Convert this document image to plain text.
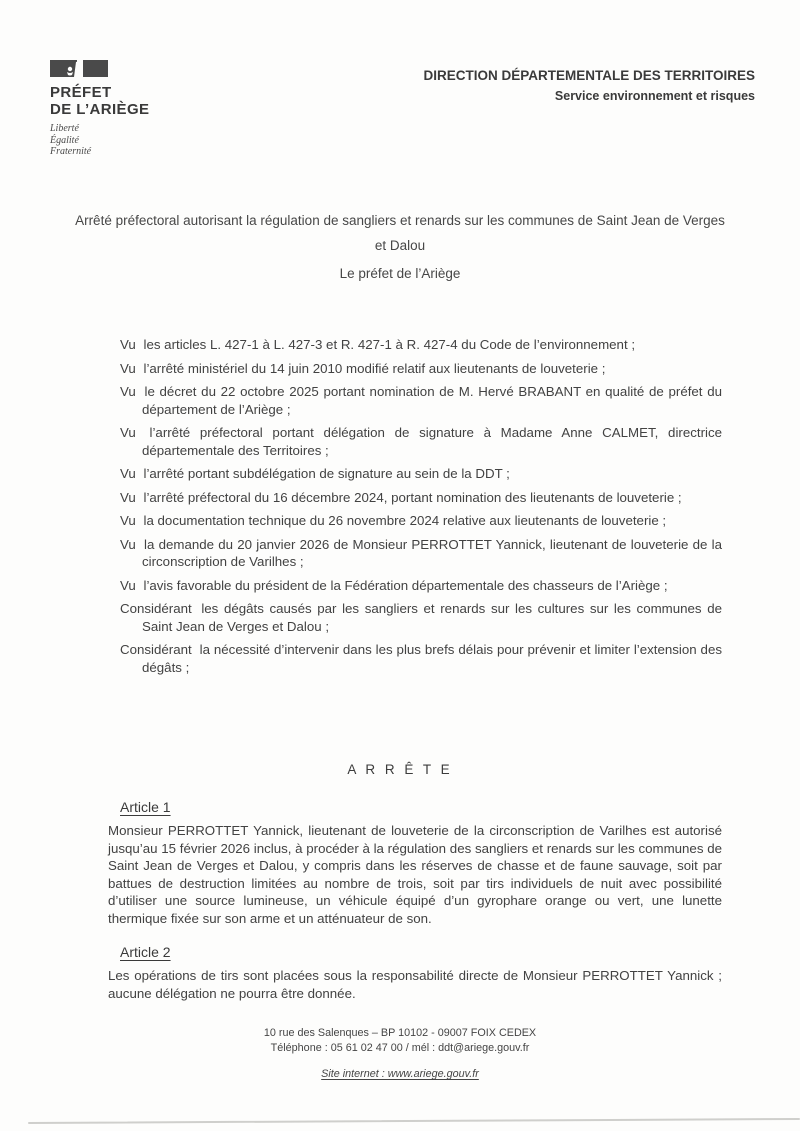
PRÉFET
DE L’ARIÈGE
Liberté
Égalité
Fraternité
DIRECTION DÉPARTEMENTALE DES TERRITOIRES
Service environnement et risques
Arrêté préfectoral autorisant la régulation de sangliers et renards sur les communes de Saint Jean de Verges et Dalou
Le préfet de l’Ariège

Vu les articles L. 427-1 à L. 427-3 et R. 427-1 à R. 427-4 du Code de l’environnement ;

Vu l’arrêté ministériel du 14 juin 2010 modifié relatif aux lieutenants de louveterie ;

Vu le décret du 22 octobre 2025 portant nomination de M. Hervé BRABANT en qualité de préfet du département de l’Ariège ;

Vu l’arrêté préfectoral portant délégation de signature à Madame Anne CALMET, directrice départementale des Territoires ;

Vu l’arrêté portant subdélégation de signature au sein de la DDT ;

Vu l’arrêté préfectoral du 16 décembre 2024, portant nomination des lieutenants de louveterie ;

Vu la documentation technique du 26 novembre 2024 relative aux lieutenants de louveterie ;

Vu la demande du 20 janvier 2026 de Monsieur PERROTTET Yannick, lieutenant de louveterie de la circonscription de Varilhes ;

Vu l’avis favorable du président de la Fédération départementale des chasseurs de l’Ariège ;

Considérant les dégâts causés par les sangliers et renards sur les cultures sur les communes de Saint Jean de Verges et Dalou ;

Considérant la nécessité d’intervenir dans les plus brefs délais pour prévenir et limiter l’extension des dégâts ;

A R R Ê T E
Article 1

Monsieur PERROTTET Yannick, lieutenant de louveterie de la circonscription de Varilhes est autorisé jusqu’au 15 février 2026 inclus, à procéder à la régulation des sangliers et renards sur les communes de Saint Jean de Verges et Dalou, y compris dans les réserves de chasse et de faune sauvage, soit par battues de destruction limitées au nombre de trois, soit par tirs individuels de nuit avec possibilité d’utiliser une source lumineuse, un véhicule équipé d’un gyrophare orange ou vert, une lunette thermique fixée sur son arme et un atténuateur de son.

Article 2

Les opérations de tirs sont placées sous la responsabilité directe de Monsieur PERROTTET Yannick ; aucune délégation ne pourra être donnée.

10 rue des Salenques – BP 10102 - 09007 FOIX CEDEX
Téléphone : 05 61 02 47 00 / mél : ddt@ariege.gouv.fr
Site internet : www.ariege.gouv.fr
